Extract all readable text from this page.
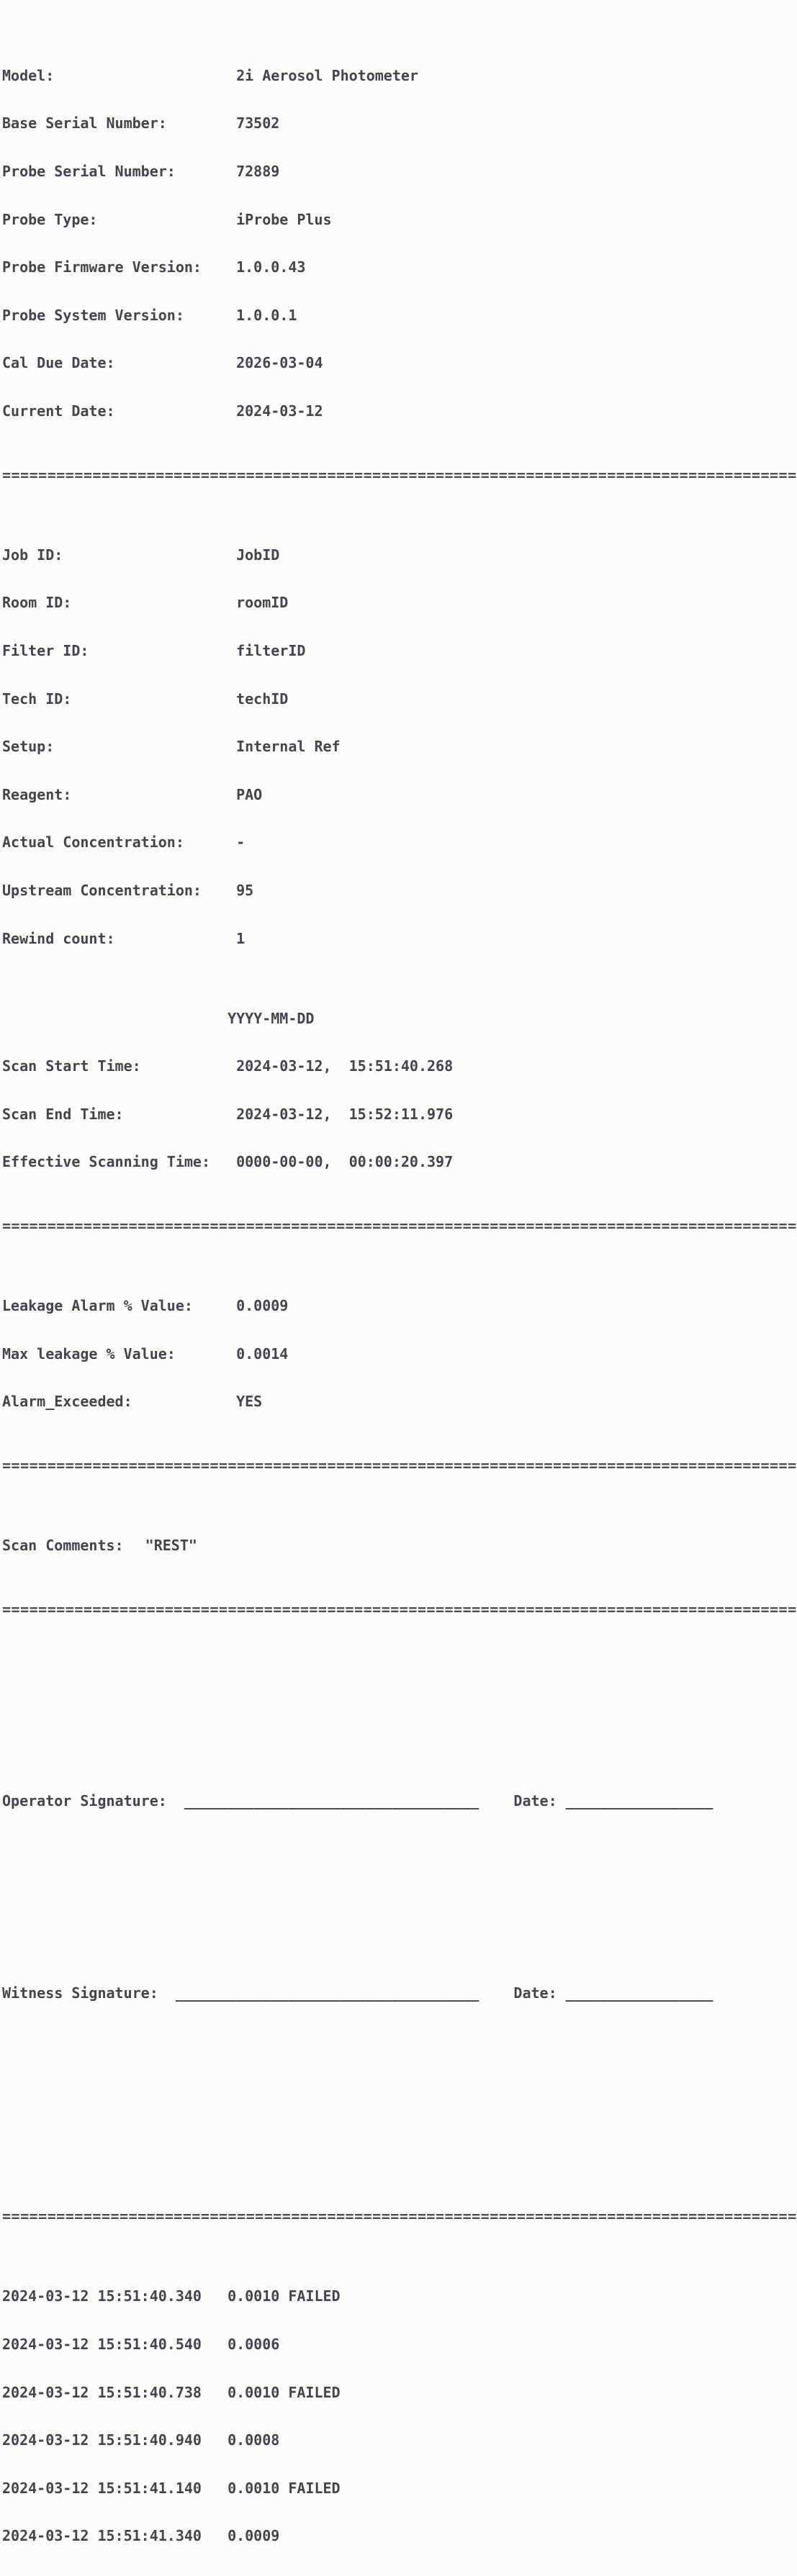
Model:	2i Aerosol Photometer

Base Serial Number:	73502

Probe Serial Number:	72889

Probe Type:	iProbe Plus

Probe Firmware Version: 1.0.0.43

Probe System Version:	1.0.0.1

Cal Due Date:	2026-03-04

Current Date:	2024-03-12

========================================================================================

Job ID:	JobID

Room ID:	roomID

Filter ID:	filterID

Tech ID:	techID

Setup:	Internal Ref

Reagent:	PAO

Actual Concentration:	-

Upstream Concentration: 95

Rewind count:	1

YYYY-MM-DD

Scan Start Time:	2024-03-12,  15:51:40.268

Scan End Time:	2024-03-12,  15:52:11.976

Effective Scanning Time: 0000-00-00,  00:00:20.397

========================================================================================

Leakage Alarm % Value:	0.0009

Max leakage % Value:	0.0014

Alarm_Exceeded:	YES

========================================================================================

Scan Comments: "REST"

========================================================================================

Operator Signature: __________________________________ Date: _________________

Witness Signature: ___________________________________ Date: _________________

========================================================================================

2024-03-12 15:51:40.340 0.0010 FAILED

2024-03-12 15:51:40.540 0.0006

2024-03-12 15:51:40.738 0.0010 FAILED

2024-03-12 15:51:40.940 0.0008

2024-03-12 15:51:41.140 0.0010 FAILED

2024-03-12 15:51:41.340 0.0009
